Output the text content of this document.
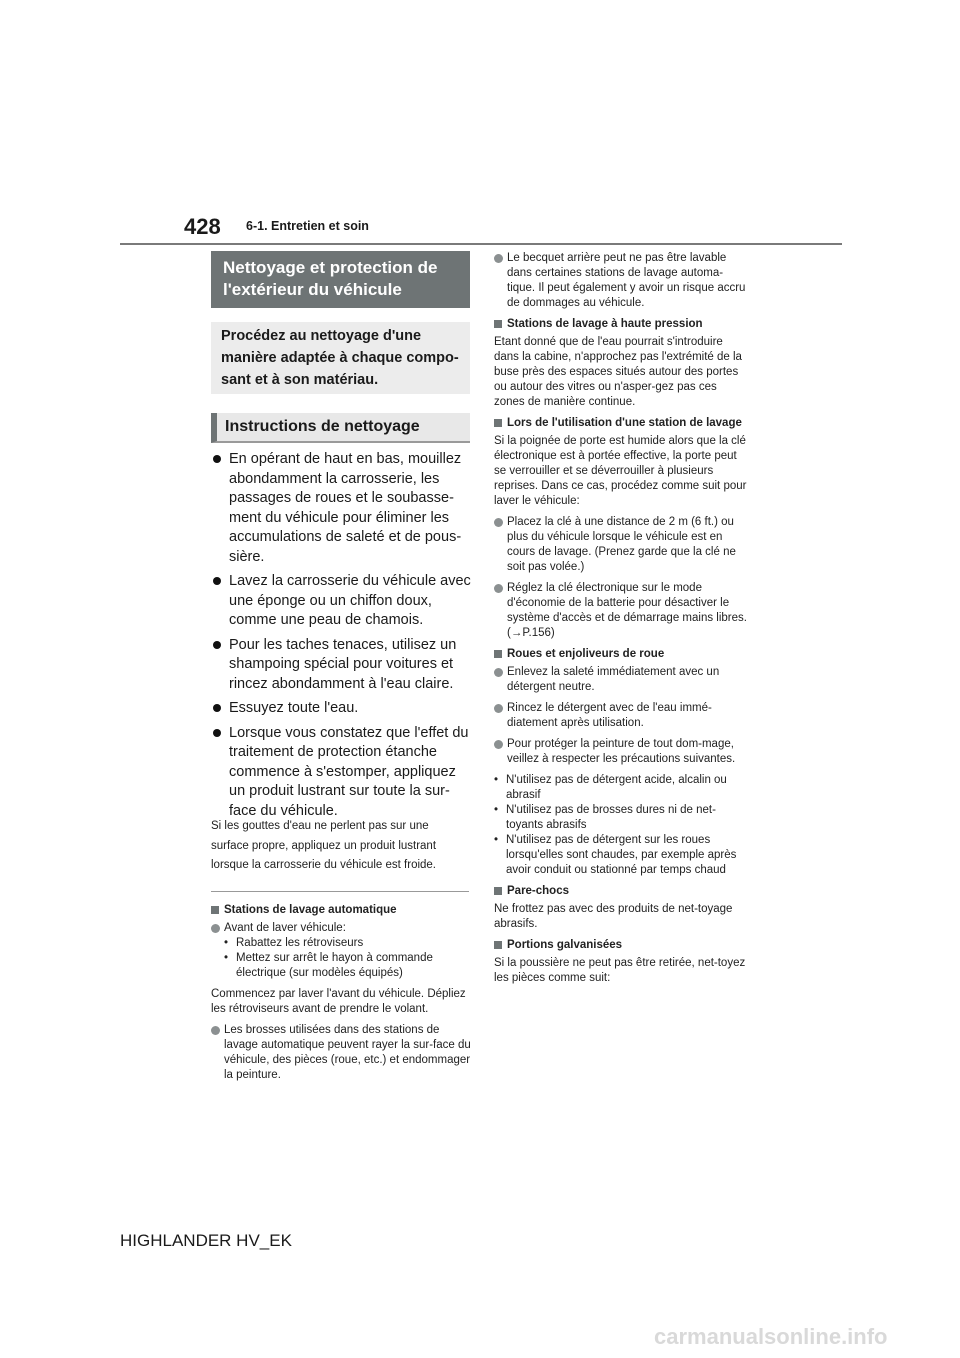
428 6-1. Entretien et soin
Nettoyage et protection de
l'extérieur du véhicule
Procédez au nettoyage d'une
manière adaptée à chaque compo-
sant et à son matériau.
Instructions de nettoyage
En opérant de haut en bas, mouillez abondamment la carrosserie, les passages de roues et le soubasse-ment du véhicule pour éliminer les accumulations de saleté et de pous-sière.
Lavez la carrosserie du véhicule avec une éponge ou un chiffon doux, comme une peau de chamois.
Pour les taches tenaces, utilisez un shampoing spécial pour voitures et rincez abondamment à l'eau claire.
Essuyez toute l'eau.
Lorsque vous constatez que l'effet du traitement de protection étanche commence à s'estomper, appliquez un produit lustrant sur toute la sur-face du véhicule.
Si les gouttes d'eau ne perlent pas sur une
surface propre, appliquez un produit lustrant
lorsque la carrosserie du véhicule est froide.
Stations de lavage automatique
Avant de laver véhicule:
• Rabattez les rétroviseurs
• Mettez sur arrêt le hayon à commande électrique (sur modèles équipés)
Commencez par laver l'avant du véhicule. Dépliez les rétroviseurs avant de prendre le volant.
Les brosses utilisées dans des stations de lavage automatique peuvent rayer la sur-face du véhicule, des pièces (roue, etc.) et endommager la peinture.
Le becquet arrière peut ne pas être lavable dans certaines stations de lavage automa-tique. Il peut également y avoir un risque accru de dommages au véhicule.
Stations de lavage à haute pression
Etant donné que de l'eau pourrait s'introduire dans la cabine, n'approchez pas l'extrémité de la buse près des espaces situés autour des portes ou autour des vitres ou n'asper-gez pas ces zones de manière continue.
Lors de l'utilisation d'une station de lavage
Si la poignée de porte est humide alors que la clé électronique est à portée effective, la porte peut se verrouiller et se déverrouiller à plusieurs reprises. Dans ce cas, procédez comme suit pour laver le véhicule:
Placez la clé à une distance de 2 m (6 ft.) ou plus du véhicule lorsque le véhicule est en cours de lavage. (Prenez garde que la clé ne soit pas volée.)
Réglez la clé électronique sur le mode d'économie de la batterie pour désactiver le système d'accès et de démarrage mains libres.(→P.156)
Roues et enjoliveurs de roue
Enlevez la saleté immédiatement avec un détergent neutre.
Rincez le détergent avec de l'eau immé-diatement après utilisation.
Pour protéger la peinture de tout dom-mage, veillez à respecter les précautions suivantes.
• N'utilisez pas de détergent acide, alcalin ou abrasif
• N'utilisez pas de brosses dures ni de net-toyants abrasifs
• N'utilisez pas de détergent sur les roues lorsqu'elles sont chaudes, par exemple après avoir conduit ou stationné par temps chaud
Pare-chocs
Ne frottez pas avec des produits de net-toyage abrasifs.
Portions galvanisées
Si la poussière ne peut pas être retirée, net-toyez les pièces comme suit:
HIGHLANDER HV_EK
carmanualsonline.info
